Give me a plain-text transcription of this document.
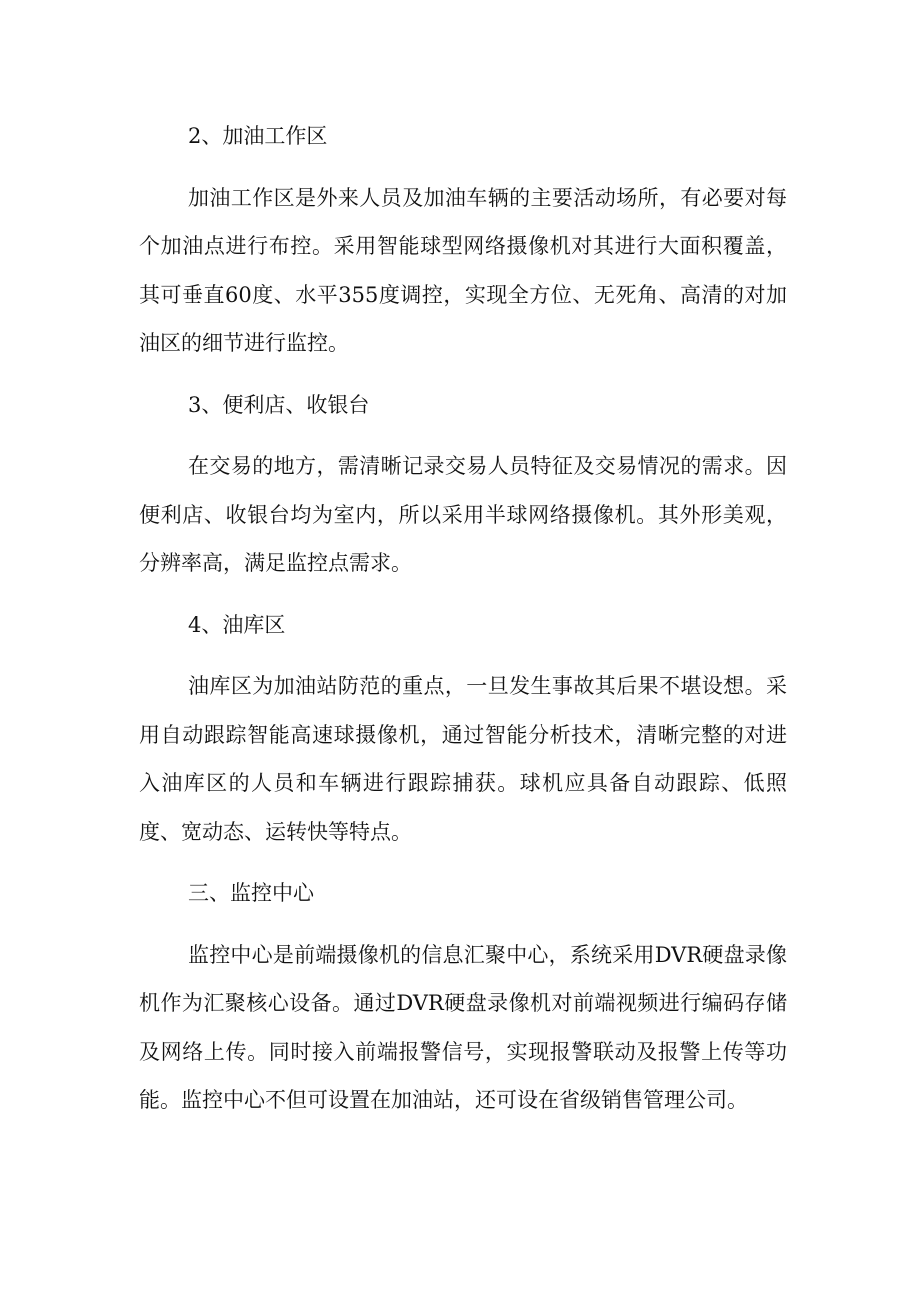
2、加油工作区
加油工作区是外来人员及加油车辆的主要活动场所，有必要对每个加油点进行布控。采用智能球型网络摄像机对其进行大面积覆盖，其可垂直60度、水平355度调控，实现全方位、无死角、高清的对加油区的细节进行监控。
3、便利店、收银台
在交易的地方，需清晰记录交易人员特征及交易情况的需求。因便利店、收银台均为室内，所以采用半球网络摄像机。其外形美观，分辨率高，满足监控点需求。
4、油库区
油库区为加油站防范的重点，一旦发生事故其后果不堪设想。采用自动跟踪智能高速球摄像机，通过智能分析技术，清晰完整的对进入油库区的人员和车辆进行跟踪捕获。球机应具备自动跟踪、低照度、宽动态、运转快等特点。
三、监控中心
监控中心是前端摄像机的信息汇聚中心，系统采用DVR硬盘录像机作为汇聚核心设备。通过DVR硬盘录像机对前端视频进行编码存储及网络上传。同时接入前端报警信号，实现报警联动及报警上传等功能。监控中心不但可设置在加油站，还可设在省级销售管理公司。
